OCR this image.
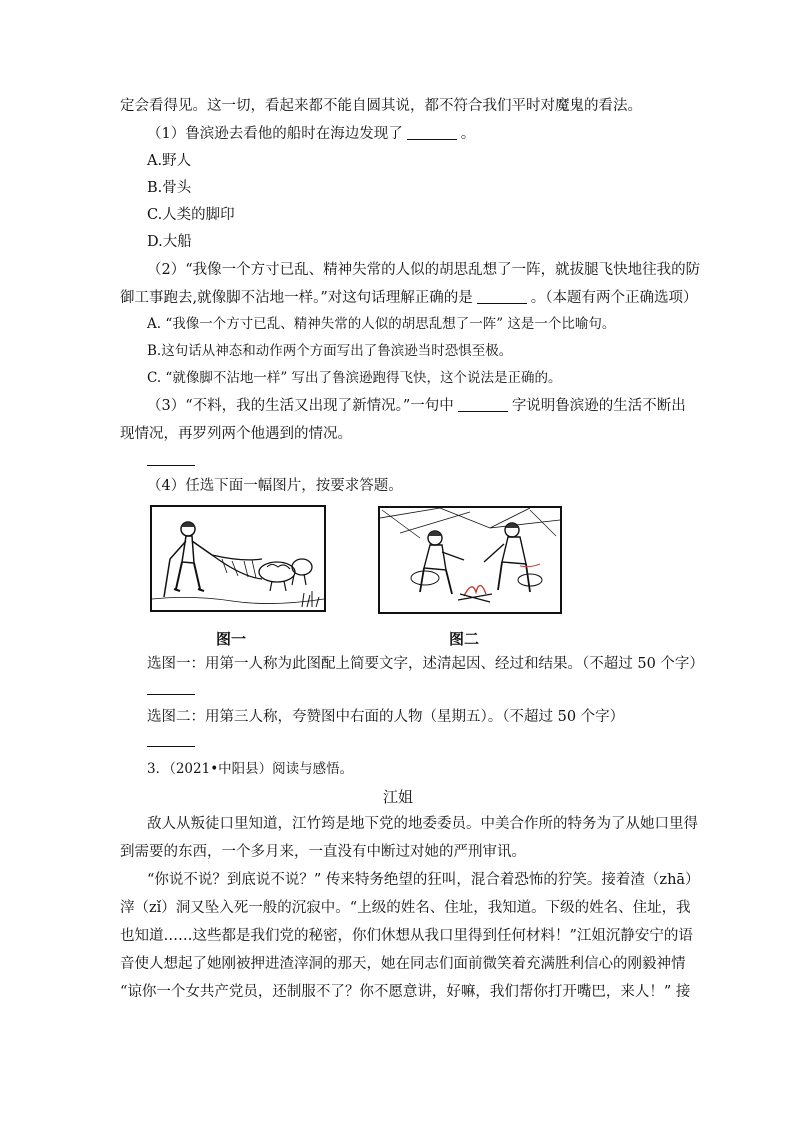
定会看得见。这一切，看起来都不能自圆其说，都不符合我们平时对魔鬼的看法。
（1）鲁滨逊去看他的船时在海边发现了	。
A.野人
B.骨头
C.人类的脚印
D.大船
（2）“我像一个方寸已乱、精神失常的人似的胡思乱想了一阵，就拔腿飞快地往我的防
御工事跑去,就像脚不沾地一样。”对这句话理解正确的是	。（本题有两个正确选项）
A. “我像一个方寸已乱、精神失常的人似的胡思乱想了一阵” 这是一个比喻句。
B.这句话从神态和动作两个方面写出了鲁滨逊当时恐惧至极。
C. “就像脚不沾地一样” 写出了鲁滨逊跑得飞快，这个说法是正确的。
（3）“不料，我的生活又出现了新情况。”一句中	字说明鲁滨逊的生活不断出
现情况，再罗列两个他遇到的情况。
（4）任选下面一幅图片，按要求答题。
图一	图二
选图一：用第一人称为此图配上简要文字，述清起因、经过和结果。（不超过 50 个字）
选图二：用第三人称，夸赞图中右面的人物（星期五）。（不超过 50 个字）
3．（2021•中阳县）阅读与感悟。
江姐
敌人从叛徒口里知道，江竹筠是地下党的地委委员。中美合作所的特务为了从她口里得
到需要的东西，一个多月来，一直没有中断过对她的严刑审讯。
“你说不说？到底说不说？” 传来特务绝望的狂叫，混合着恐怖的狞笑。接着渣（zhā）
滓（zǐ）洞又坠入死一般的沉寂中。“上级的姓名、住址，我知道。下级的姓名、住址，我
也知道……这些都是我们党的秘密，你们休想从我口里得到任何材料！”江姐沉静安宁的语
音使人想起了她刚被押进渣滓洞的那天，她在同志们面前微笑着充满胜利信心的刚毅神情
“谅你一个女共产党员，还制服不了？你不愿意讲，好嘛，我们帮你打开嘴巴，来人！” 接
